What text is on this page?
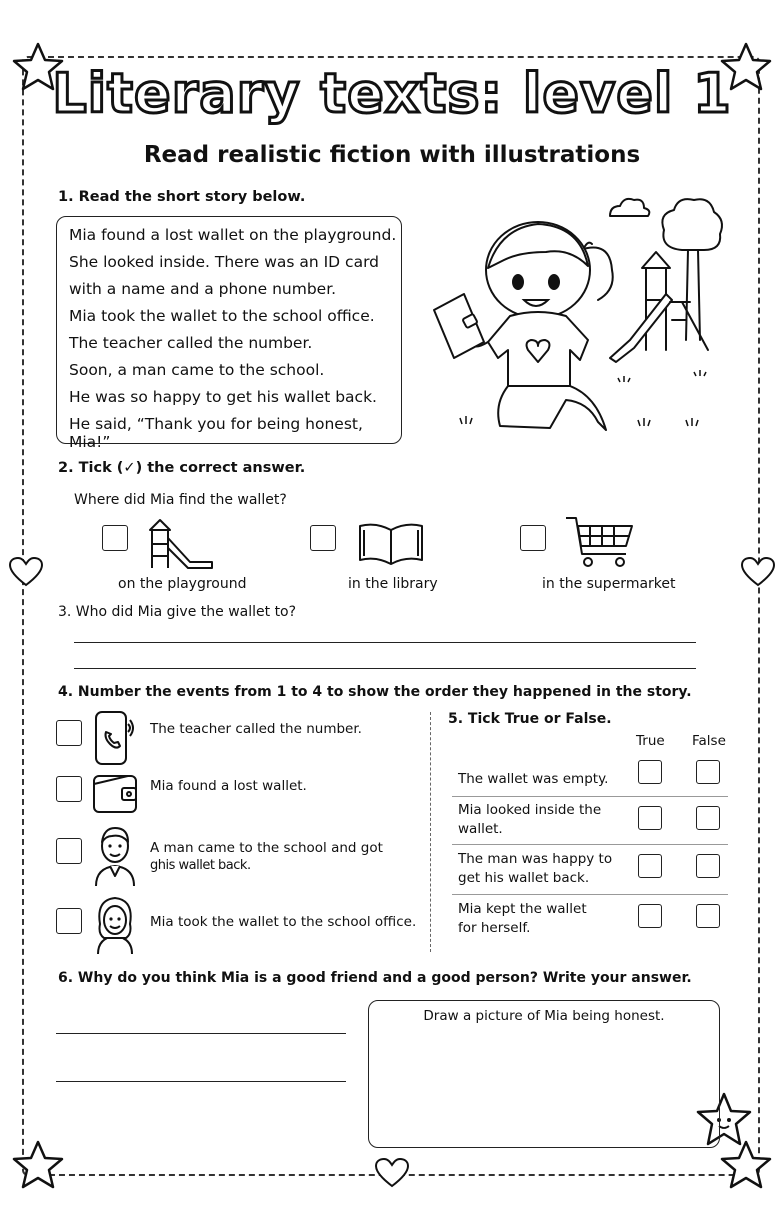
Literary texts: level 1
Read realistic fiction with illustrations
1. Read the short story below.

Mia found a lost wallet on the playground.

She looked inside. There was an ID card

with a name and a phone number.

Mia took the wallet to the school office.

The teacher called the number.

Soon, a man came to the school.

He was so happy to get his wallet back.

He said, “Thank you for being honest, Mia!”

2. Tick (✓) the correct answer.
Where did Mia find the wallet?
on the playground	in the library	in the supermarket
3. Who did Mia give the wallet to?
4. Number the events from 1 to 4 to show the order they happened in the story.
The teacher called the number.
Mia found a lost wallet.
A man came to the school and got
ghis wallet back.
Mia took the wallet to the school office.
5. Tick True or False.
True False
The wallet was empty.
Mia looked inside the
wallet.
The man was happy to
get his wallet back.
Mia kept the wallet
for herself.
6. Why do you think Mia is a good friend and a good person? Write your answer.
Draw a picture of Mia being honest.
